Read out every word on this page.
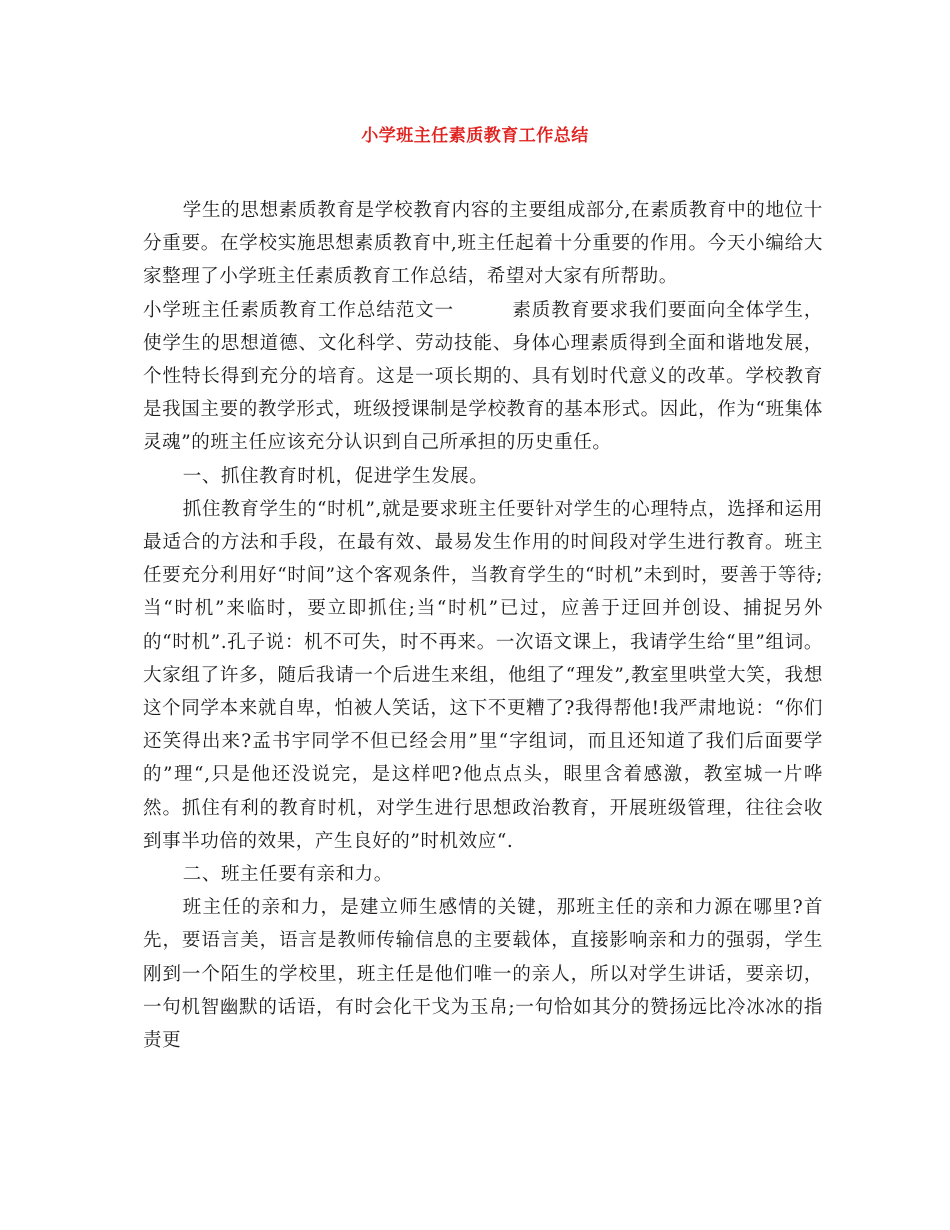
小学班主任素质教育工作总结

学生的思想素质教育是学校教育内容的主要组成部分,在素质教育中的地位十分重要。在学校实施思想素质教育中,班主任起着十分重要的作用。今天小编给大家整理了小学班主任素质教育工作总结，希望对大家有所帮助。

小学班主任素质教育工作总结范文一　　　素质教育要求我们要面向全体学生，使学生的思想道德、文化科学、劳动技能、身体心理素质得到全面和谐地发展，个性特长得到充分的培育。这是一项长期的、具有划时代意义的改革。学校教育是我国主要的教学形式，班级授课制是学校教育的基本形式。因此，作为“班集体灵魂”的班主任应该充分认识到自己所承担的历史重任。

一、抓住教育时机，促进学生发展。

抓住教育学生的“时机”,就是要求班主任要针对学生的心理特点，选择和运用最适合的方法和手段，在最有效、最易发生作用的时间段对学生进行教育。班主任要充分利用好“时间”这个客观条件，当教育学生的“时机”未到时，要善于等待;当“时机”来临时，要立即抓住;当“时机”已过，应善于迂回并创设、捕捉另外的“时机”.孔子说：机不可失，时不再来。一次语文课上，我请学生给“里”组词。大家组了许多，随后我请一个后进生来组，他组了“理发”,教室里哄堂大笑，我想这个同学本来就自卑，怕被人笑话，这下不更糟了?我得帮他!我严肃地说：“你们还笑得出来?孟书宇同学不但已经会用”里“字组词，而且还知道了我们后面要学的”理“,只是他还没说完，是这样吧?他点点头，眼里含着感激，教室城一片哗然。抓住有利的教育时机，对学生进行思想政治教育，开展班级管理，往往会收到事半功倍的效果，产生良好的”时机效应“.

二、班主任要有亲和力。

班主任的亲和力，是建立师生感情的关键，那班主任的亲和力源在哪里?首先，要语言美，语言是教师传输信息的主要载体，直接影响亲和力的强弱，学生刚到一个陌生的学校里，班主任是他们唯一的亲人，所以对学生讲话，要亲切，一句机智幽默的话语，有时会化干戈为玉帛;一句恰如其分的赞扬远比冷冰冰的指责更
